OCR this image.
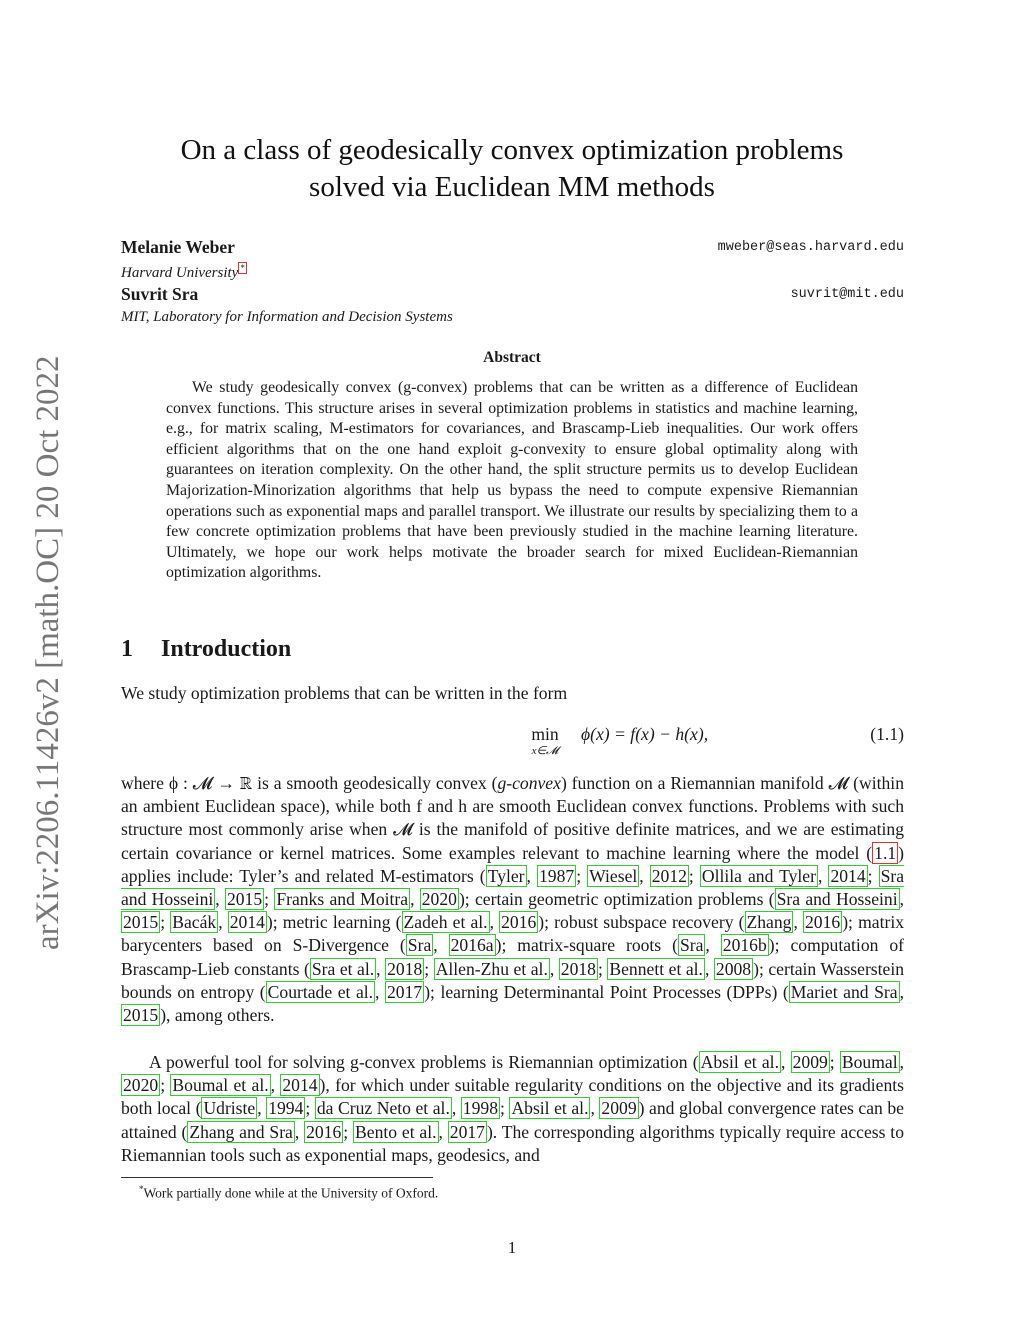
arXiv:2206.11426v2 [math.OC] 20 Oct 2022
On a class of geodesically convex optimization problems
solved via Euclidean MM methods
Melanie Weber	mweber@seas.harvard.edu
Harvard University *
Suvrit Sra	suvrit@mit.edu
MIT, Laboratory for Information and Decision Systems
Abstract
We study geodesically convex (g-convex) problems that can be written as a difference of Euclidean convex functions. This structure arises in several optimization problems in statistics and machine learning, e.g., for matrix scaling, M-estimators for covariances, and Brascamp-Lieb inequalities. Our work offers efficient algorithms that on the one hand exploit g-convexity to ensure global optimality along with guarantees on iteration complexity. On the other hand, the split structure permits us to develop Euclidean Majorization-Minorization algorithms that help us bypass the need to compute expensive Riemannian operations such as exponential maps and parallel transport. We illustrate our results by specializing them to a few concrete optimization problems that have been previously studied in the machine learning literature. Ultimately, we hope our work helps motivate the broader search for mixed Euclidean-Riemannian optimization algorithms.
1 Introduction
We study optimization problems that can be written in the form
min
x∈𝓜
ϕ(x) = f(x) − h(x),	(1.1)
where ϕ : 𝓜 → ℝ is a smooth geodesically convex (g-convex) function on a Riemannian manifold 𝓜 (within an ambient Euclidean space), while both f and h are smooth Euclidean convex functions. Problems with such structure most commonly arise when 𝓜 is the manifold of positive definite matrices, and we are estimating certain covariance or kernel matrices. Some examples relevant to machine learning where the model ( 1.1 ) applies include: Tyler’s and related M-estimators ( Tyler , 1987 ; Wiesel , 2012 ; Ollila and Tyler , 2014 ; Sra and Hosseini , 2015 ; Franks and Moitra , 2020 ); certain geometric optimization problems ( Sra and Hosseini , 2015 ; Bacák , 2014 ); metric learning ( Zadeh et al. , 2016 ); robust subspace recovery ( Zhang , 2016 ); matrix barycenters based on S-Divergence ( Sra , 2016a ); matrix-square roots ( Sra , 2016b ); computation of Brascamp-Lieb constants ( Sra et al. , 2018 ; Allen-Zhu et al. , 2018 ; Bennett et al. , 2008 ); certain Wasserstein bounds on entropy ( Courtade et al. , 2017 ); learning Determinantal Point Processes (DPPs) ( Mariet and Sra , 2015 ), among others.
A powerful tool for solving g-convex problems is Riemannian optimization ( Absil et al. , 2009 ; Boumal , 2020 ; Boumal et al. , 2014 ), for which under suitable regularity conditions on the objective and its gradients both local ( Udriste , 1994 ; da Cruz Neto et al. , 1998 ; Absil et al. , 2009 ) and global convergence rates can be attained ( Zhang and Sra , 2016 ; Bento et al. , 2017 ). The corresponding algorithms typically require access to Riemannian tools such as exponential maps, geodesics, and
*Work partially done while at the University of Oxford.
1
